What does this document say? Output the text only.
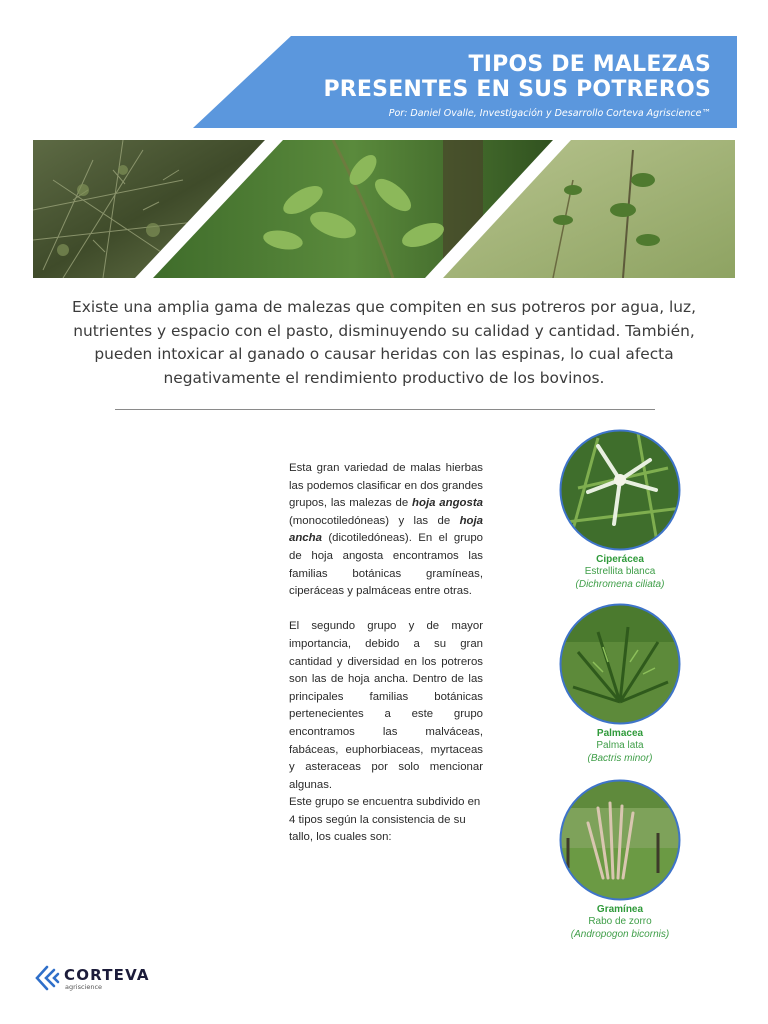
TIPOS DE MALEZAS
PRESENTES EN SUS POTREROS
Por: Daniel Ovalle, Investigación y Desarrollo Corteva Agriscience™

Existe una amplia gama de malezas que compiten en sus potreros por agua, luz, nutrientes y espacio con el pasto, disminuyendo su calidad y cantidad. También, pueden intoxicar al ganado o causar heridas con las espinas, lo cual afecta negativamente el rendimiento productivo de los bovinos.

Esta gran variedad de malas hierbas las podemos clasificar en dos grandes grupos, las malezas de hoja angosta (monocotiledóneas) y las de hoja ancha (dicotiledóneas). En el grupo de hoja angosta encontramos las familias botánicas gramíneas, ciperáceas y palmáceas entre otras.

El segundo grupo y de mayor importancia, debido a su gran cantidad y diversidad en los potreros son las de hoja ancha. Dentro de las principales familias botánicas pertenecientes a este grupo encontramos las malváceas, fabáceas, euphorbiaceas, myrtaceas y asteraceas por solo mencionar algunas.

Este grupo se encuentra subdivido en 4 tipos según la consistencia de su tallo, los cuales son:

Ciperácea
Estrellita blanca
(Dichromena ciliata)
Palmacea
Palma lata
(Bactris minor)
Gramínea
Rabo de zorro
(Andropogon bicornis)
CORTEVA
agriscience
